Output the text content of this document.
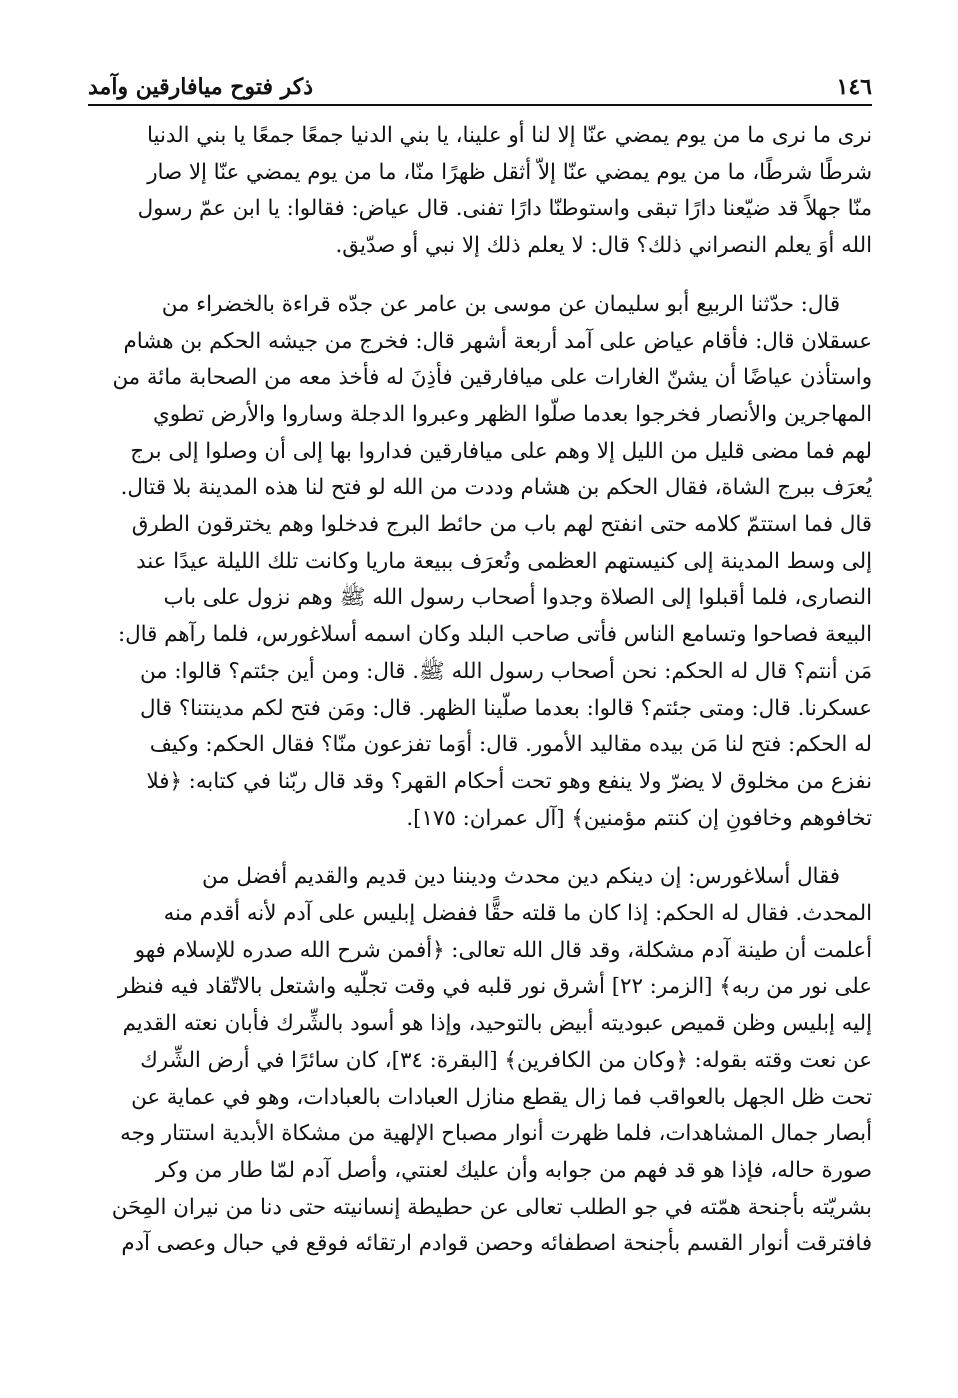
١٤٦
ذكر فتوح ميافارقين وآمد
نرى ما نرى ما من يوم يمضي عنّا إلا لنا أو علينا، يا بني الدنيا جمعًا جمعًا يا بني الدنيا
شرطًا شرطًا، ما من يوم يمضي عنّا إلاّ أثقل ظهرًا منّا، ما من يوم يمضي عنّا إلا صار
منّا جهلاً قد ضيّعنا دارًا تبقى واستوطنّا دارًا تفنى. قال عياض: فقالوا: يا ابن عمّ رسول
الله أوَ يعلم النصراني ذلك؟ قال: لا يعلم ذلك إلا نبي أو صدّيق.
قال: حدّثنا الربيع أبو سليمان عن موسى بن عامر عن جدّه قراءة بالخضراء من
عسقلان قال: فأقام عياض على آمد أربعة أشهر قال: فخرج من جيشه الحكم بن هشام
واستأذن عياضًا أن يشنّ الغارات على ميافارقين فأذِنَ له فأخذ معه من الصحابة مائة من
المهاجرين والأنصار فخرجوا بعدما صلّوا الظهر وعبروا الدجلة وساروا والأرض تطوي
لهم فما مضى قليل من الليل إلا وهم على ميافارقين فداروا بها إلى أن وصلوا إلى برج
يُعرَف ببرج الشاة، فقال الحكم بن هشام وددت من الله لو فتح لنا هذه المدينة بلا قتال.
قال فما استتمّ كلامه حتى انفتح لهم باب من حائط البرج فدخلوا وهم يخترقون الطرق
إلى وسط المدينة إلى كنيستهم العظمى وتُعرَف ببيعة ماريا وكانت تلك الليلة عيدًا عند
النصارى، فلما أقبلوا إلى الصلاة وجدوا أصحاب رسول الله ﷺ وهم نزول على باب
البيعة فصاحوا وتسامع الناس فأتى صاحب البلد وكان اسمه أسلاغورس، فلما رآهم قال:
مَن أنتم؟ قال له الحكم: نحن أصحاب رسول الله ﷺ. قال: ومن أين جئتم؟ قالوا: من
عسكرنا. قال: ومتى جئتم؟ قالوا: بعدما صلّينا الظهر. قال: ومَن فتح لكم مدينتنا؟ قال
له الحكم: فتح لنا مَن بيده مقاليد الأمور. قال: أوَما تفزعون منّا؟ فقال الحكم: وكيف
نفزع من مخلوق لا يضرّ ولا ينفع وهو تحت أحكام القهر؟ وقد قال ربّنا في كتابه: ﴿فلا
تخافوهم وخافونِ إن كنتم مؤمنين﴾ [آل عمران: ١٧٥].
فقال أسلاغورس: إن دينكم دين محدث وديننا دين قديم والقديم أفضل من
المحدث. فقال له الحكم: إذا كان ما قلته حقًّا ففضل إبليس على آدم لأنه أقدم منه
أعلمت أن طينة آدم مشكلة، وقد قال الله تعالى: ﴿أفمن شرح الله صدره للإسلام فهو
على نور من ربه﴾ [الزمر: ٢٢] أشرق نور قلبه في وقت تجلّيه واشتعل بالاتّقاد فيه فنظر
إليه إبليس وظن قميص عبوديته أبيض بالتوحيد، وإذا هو أسود بالشِّرك فأبان نعته القديم
عن نعت وقته بقوله: ﴿وكان من الكافرين﴾ [البقرة: ٣٤]، كان سائرًا في أرض الشِّرك
تحت ظل الجهل بالعواقب فما زال يقطع منازل العبادات بالعبادات، وهو في عماية عن
أبصار جمال المشاهدات، فلما ظهرت أنوار مصباح الإلهية من مشكاة الأبدية استتار وجه
صورة حاله، فإذا هو قد فهم من جوابه وأن عليك لعنتي، وأصل آدم لمّا طار من وكر
بشريّته بأجنحة همّته في جو الطلب تعالى عن حطيطة إنسانيته حتى دنا من نيران المِحَن
فافترقت أنوار القسم بأجنحة اصطفائه وحصن قوادم ارتقائه فوقع في حبال وعصى آدم
